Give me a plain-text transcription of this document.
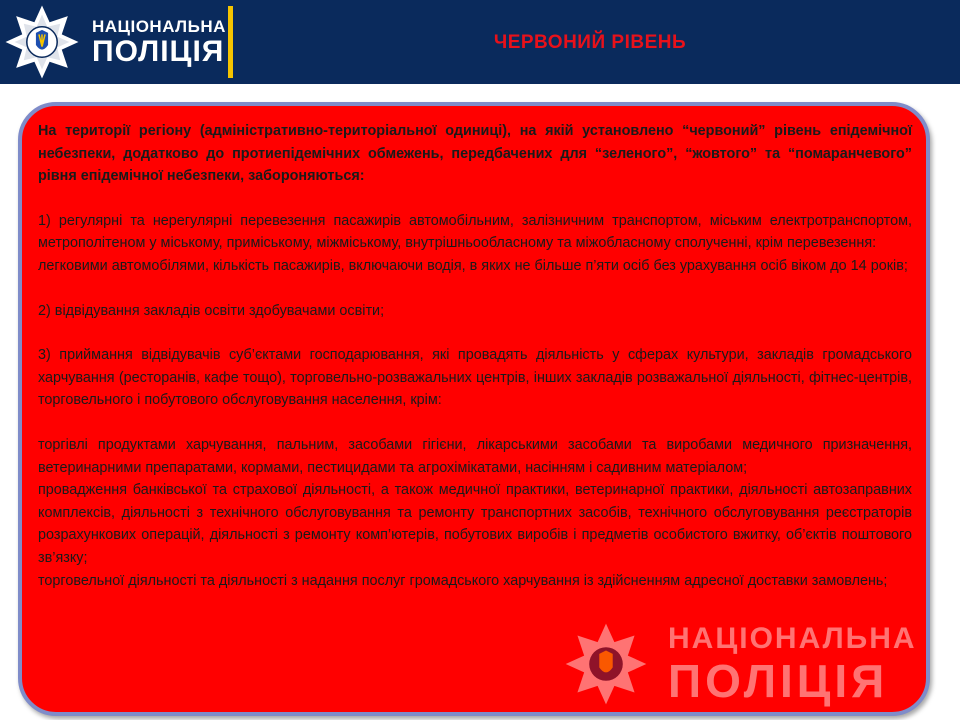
НАЦІОНАЛЬНА
ПОЛІЦІЯ	ЧЕРВОНИЙ РІВЕНЬ

На території регіону (адміністративно-територіальної одиниці), на якій установлено “червоний” рівень епідемічної небезпеки, додатково до протиепідемічних обмежень, передбачених для “зеленого”, “жовтого” та “помаранчевого” рівня епідемічної небезпеки, забороняються:

1) регулярні та нерегулярні перевезення пасажирів автомобільним, залізничним транспортом, міським електротранспортом, метрополітеном у міському, приміському, міжміському, внутрішньообласному та міжобласному сполученні, крім перевезення:

легковими автомобілями, кількість пасажирів, включаючи водія, в яких не більше п’яти осіб без урахування осіб віком до 14 років;

2) відвідування закладів освіти здобувачами освіти;

3) приймання відвідувачів суб’єктами господарювання, які провадять діяльність у сферах культури, закладів громадського харчування (ресторанів, кафе тощо), торговельно-розважальних центрів, інших закладів розважальної діяльності, фітнес-центрів, торговельного і побутового обслуговування населення, крім:

торгівлі продуктами харчування, пальним, засобами гігієни, лікарськими засобами та виробами медичного призначення, ветеринарними препаратами, кормами, пестицидами та агрохімікатами, насінням і садивним матеріалом;

провадження банківської та страхової діяльності, а також медичної практики, ветеринарної практики, діяльності автозаправних комплексів, діяльності з технічного обслуговування та ремонту транспортних засобів, технічного обслуговування реєстраторів розрахункових операцій, діяльності з ремонту комп’ютерів, побутових виробів і предметів особистого вжитку, об’єктів поштового зв’язку;

торговельної діяльності та діяльності з надання послуг громадського харчування із здійсненням адресної доставки замовлень;

НАЦІОНАЛЬНА
ПОЛІЦІЯ
